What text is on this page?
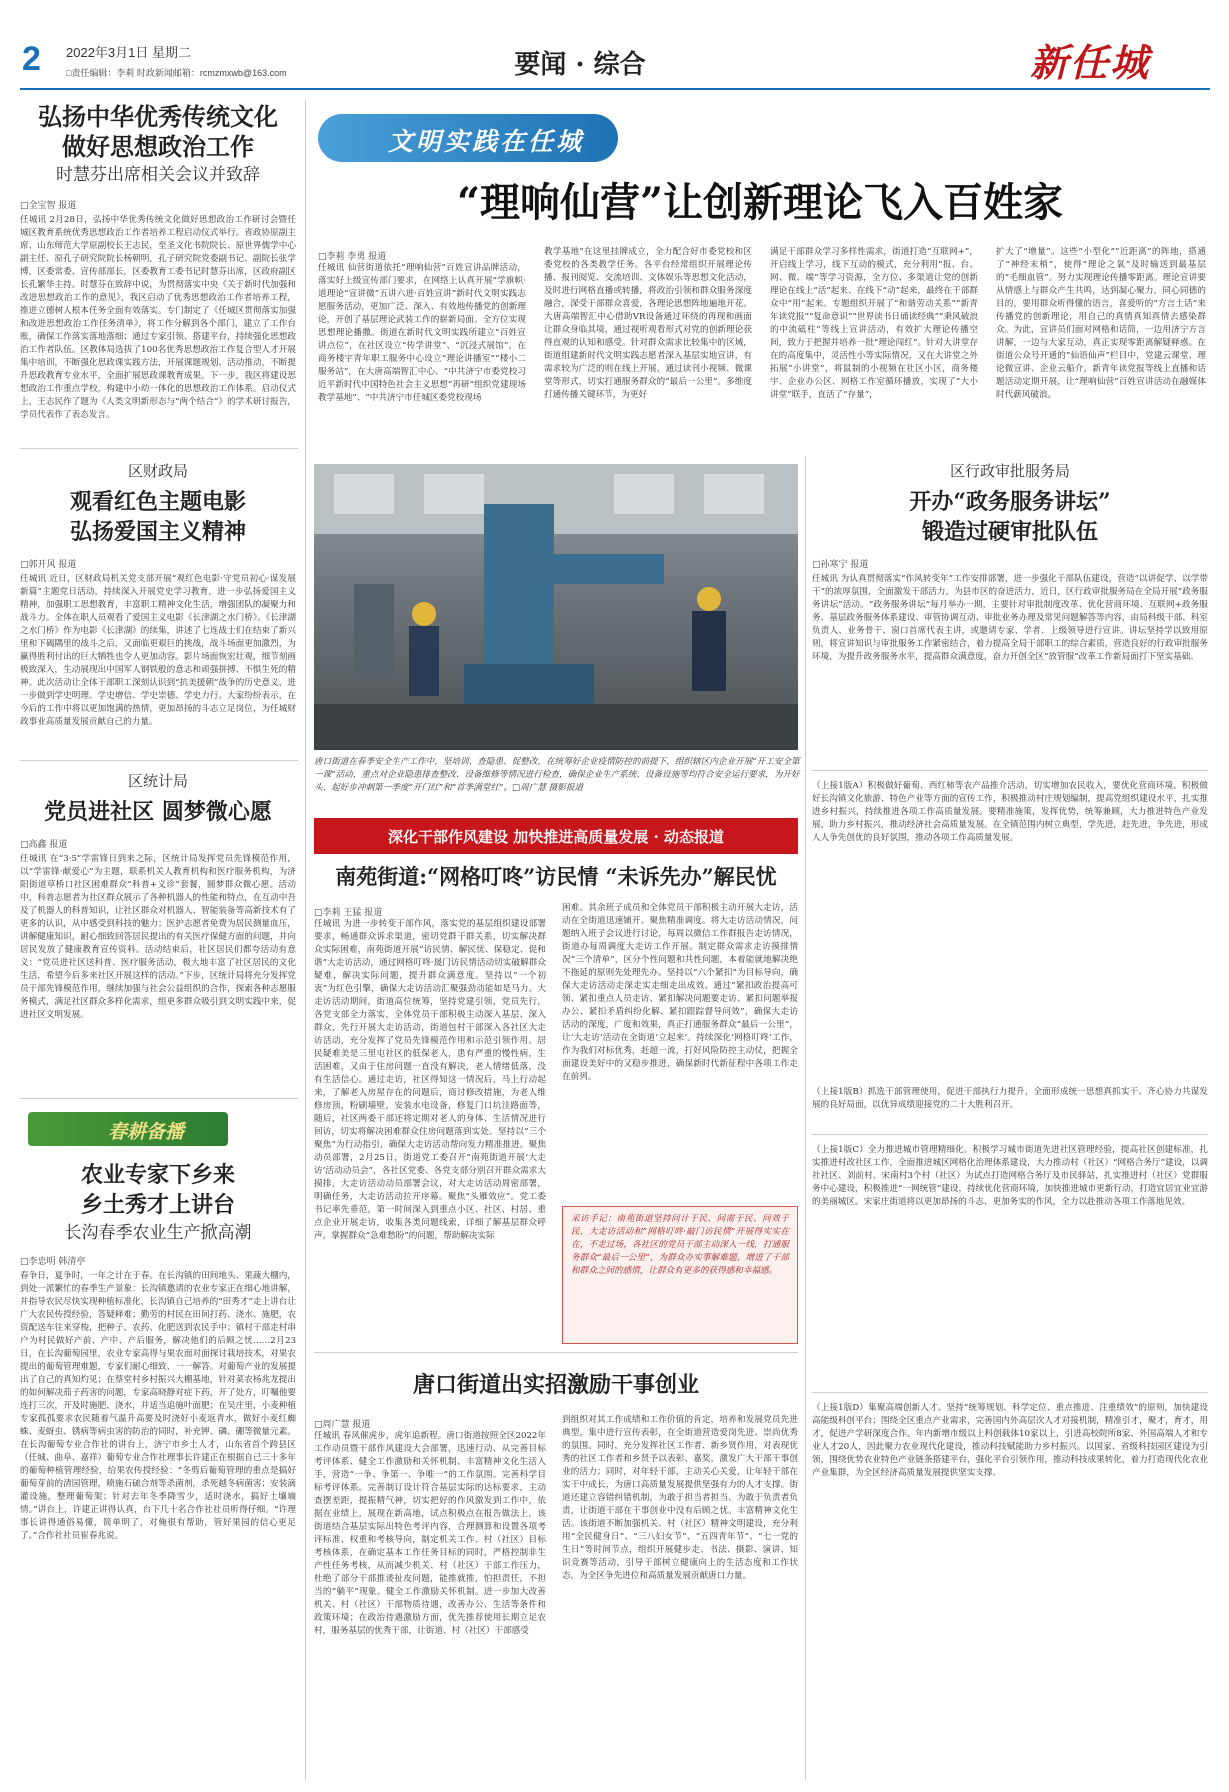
2 2022年3月1日 星期二
□责任编辑：李莉 时政新闻邮箱：rcmzmxwb@163.com	要闻 · 综合	新任城
弘扬中华优秀传统文化
做好思想政治工作
时慧芬出席相关会议并致辞
□全宝智 报道
任城讯 2月28日，弘扬中华优秀传统文化做好思想政治工作研讨会暨任城区教育系统优秀思想政治工作者培养工程启动仪式举行。省政协原副主席、山东师范大学原副校长王志民，至圣文化书院院长、原世界儒学中心副主任、原孔子研究院院长杨朝明，孔子研究院党委副书记、副院长张学博，区委常委、宣传部部长，区委教育工委书记时慧芬出席，区政府副区长孔繁华主持。时慧芬在致辞中说，为贯彻落实中央《关于新时代加强和改进思想政治工作的意见》，我区启动了优秀思想政治工作者培养工程，推进立德树人根本任务全面有效落实。专门制定了《任城区贯彻落实加强和改进思想政治工作任务清单》，将工作分解到各个部门，建立了工作台账，确保工作落实落地落细；通过专家引领、搭建平台，持续强化思想政治工作者队伍。区教体局选拔了100名优秀思想政治工作复合型人才开展集中培训，不断强化思政课实践方法，开展课题规划、活动推动，不断提升思政教育专业水平，全面扩展思政课教育成果。下一步，我区将建设思想政治工作重点学校，构建中小幼一体化的思想政治工作体系。启动仪式上，王志民作了题为《人类文明新形态与“两个结合”》的学术研讨报告，学员代表作了表态发言。
文明实践在任城
“理响仙营”让创新理论飞入百姓家
□李莉 李勇 报道
任城讯 仙营街道依托“理响仙营”百姓宣讲品牌活动，落实好上级宣传部门要求，在网络上认真开展“学旗帜·道理论”宣讲微”五讲六进·百姓宣讲”新时代文明实践志愿服务活动，更加广泛、深入、有效地传播党的创新理论，开创了基层理论武装工作的崭新局面。全方位实现思想理论播撒。街道在新时代文明实践所建立“百姓宣讲点位”，在社区设立“传学讲堂”、“沉浸式展馆”，在商务楼宇青年职工服务中心设立“理论讲播室”“楼小二服务站”，在大唐高端智汇中心、“中共济宁市委党校习近平新时代中国特色社会主义思想”再研”组织党建现场教学基地”、“中共济宁市任城区委党校现场
教学基地”在这里挂牌成立，全力配合好市委党校和区委党校的各类教学任务。各平台经常组织开展理论传播、报刊阅览、交流培训、文体娱乐等思想文化活动，及时进行网格直播或转播，将政治引领和群众服务深度融合，深受干部群众喜爱，各理论思想阵地遍地开花。大唐高端智汇中心借助VR设备通过环绕的再现和画面让群众身临其境，通过视听观看形式对党的创新理论获得直观的认知和感受。针对群众需求比较集中的区域，街道组建新时代文明实践志愿者深入基层实地宣讲，有需求较为广泛的则在线上开展，通过读刊小视频、微课堂等形式，切实打通服务群众的“最后一公里”。多维度打通传播关键环节，为更好
满足干部群众学习多样性需求，街道打造“互联网+”，开启线上学习，线下互动的模式，充分利用“报、台、网、微、端”等学习资源，全方位、多渠道让党的创新理论在线上“活”起来、在线下“动”起来，最终在干部群众中“用”起来。专题组织开展了“和谐劳动关系”“新青年读党报”“复命意识”“世界读书日诵读经典”“秉风破浪的中流砥柱”等线上宣讲活动，有效扩大理论传播空间，致力于把握并培养一批“理论闯红”。针对大讲堂存在的高度集中，灵活性小等实际情况，又在大讲堂之外拓展“小讲堂”，将鼠制的小视频在社区小区，商务楼宇、企业办公区、网格工作室循环播放，实现了“大小讲堂”联手，直活了“存量”，
扩大了“增量”。这些“小型化”“近距离”的阵地，搭通了“神经末梢”，使得“理论之氧”及时输送到最基层的“毛细血管”。努力实现理论传播零距离。理论宣讲要从情感上与群众产生共鸣，达到凝心聚力，同心同德的目的，要用群众听得懂的语言，喜爱听的“方言土话”来传播党的创新理论，用自己的真情真知真情去感染群众。为此，宣讲员们面对网格和话筒，一边用济宁方言讲解，一边与大家互动，真正实现零距离解疑释惑。在街道公众号开通的“仙语仙声”栏目中，党建云课堂、理论微宣讲、企业云船介，新青年读党报等线上直播和话题活动定期开展，让“理响仙营”百姓宣讲活动在融媒体时代薪风破浪。
唐口街道在春季安全生产工作中，坚培训、查隐患、促整改，在统筹好企业疫情防控的前提下，组织辖区内企业开展“开工安全第一课”活动，重点对企业隐患排查整改、设备维修等情况进行检查，确保企业生产系统、设备设施等均符合安全运行要求，为开好头、起好步冲刺第一季度“开门红”和“首季满堂红”。□周广慧 摄影报道
区财政局
观看红色主题电影
弘扬爱国主义精神
□郭开风 报道
任城讯 近日，区财政局机关党支部开展“观红色电影·守党员初心·谋发展新篇”主题党日活动，持续深入开展党史学习教育，进一步弘扬爱国主义精神，加强职工思想教育，丰富职工精神文化生活，增强团队的凝聚力和战斗力。全体在职人员观看了爱国主义电影《长津湖之水门桥》。《长津湖之水门桥》作为电影《长津湖》的续集，讲述了七连战士们在结束了新兴里和下碣隅里的战斗之后，又面临更艰巨的挑战，战斗场面更加激烈，为赢得胜利付出的巨大牺牲也令人更加动容。影片场面恢宏壮观，细节刻画极致深入，生动展现出中国军人钢铁般的意志和顽强拼搏、不惧生死的精神。此次活动让全体干部职工深刻认识到“抗美援朝”战争的历史意义，进一步做到学史明理、学史增信、学史崇德、学史力行。大家纷纷表示，在今后的工作中将以更加饱满的热情，更加昂扬的斗志立足岗位，为任城财政事业高质量发展贡献自己的力量。
区统计局
党员进社区 圆梦微心愿
□高鑫 报道
任城讯 在“3·5”学雷锋日到来之际，区统计局发挥党员先锋模范作用，以“学雷锋·献爱心”为主题，联系机关人教育机构和医疗服务机构，为济阳街道草桥口社区困难群众“科普+义诊”套餐，圆梦群众微心愿。活动中，科普志愿者为社区群众展示了各种机器人的性能和特点，在互动中吾及了机器人的科普知识，让社区群众对机器人、智能装备等高新技术有了更多的认识，从中感受到科技的魅力；医护志愿者免费为居民测量血压，讲解健康知识，耐心细致回答居民提出的有关医疗保健方面的问题，并向居民发放了健康教育宣传资料。活动结束后，社区居民们都夸活动有意义：“党员进社区送科普、医疗服务活动，极大地丰富了社区居民的文化生活，希望今后多来社区开展这样的活动。”下步，区统计局将充分发挥党员干部先锋模范作用，继续加强与社会公益组织的合作，探索各种志愿服务模式，满足社区群众多样化需求，组更多群众吸引到文明实践中来，促进社区文明发展。
春耕备播
农业专家下乡来
乡土秀才上讲台
长沟春季农业生产掀高潮
□李忠明 韩清亭
春争日，夏争时，一年之计在于春。在长沟镇的田间地头、果蔬大棚内，到处一派繁忙的春季生产景象：长沟镇邀请的农业专家正在细心地讲解，并指导农民尽快实现种植标准化，长沟镇自己培养的“田秀才”走上讲台让广大农民传授经验，答疑释难；勤劳的村民在田间打药、浇水、施肥，农资配送车往来穿梭，把种子、农药、化肥送到农民手中；镇村干部走村串户为村民做好产前、产中、产后服务，解决他们的后顾之忧……2月23日，在长沟葡萄园里，农业专家高得与果农面对面探讨栽培技术，对果农提出的葡萄管理难题，专家们耐心细致、一一解答。对葡萄产业的发展提出了自己的真知灼见；在蔡堂村乡村振兴大棚基地，针对菜农杨兆龙提出的如何解决茄子药害的问题，专家高晓静对症下药，开了处方，叮嘱他要连打三次，开及时施肥、浇水，并适当追施叶面肥；在吴庄里，小麦种植专家孤孤要求农民随着气温升高要及时浇好小麦返青水，做好小麦红蜘蛛、麦蚜虫、锈病等病虫害的防治的同时，补充钾、磷、硼等微量元素。在长沟葡萄专业合作社的讲台上，济宁市乡土人才，山东省首个跨县区（任城、曲阜、嘉祥）葡萄专业合作社理事长许建正在根据自己三十多年的葡萄种植管理经验，给果农传授经验：“冬剪后葡萄管理的重点是搞好葡萄芽前的清园管理，喷施石硫合剂等杀菌剂，杀死越冬病菌害；安装滴灌设施，整理葡萄架；针对去年冬季降雪少，适时浇水，搞好土壤墒情。”讲台上，许建正讲得认真，台下几十名合作社社员听得仔细。“许理事长讲得通俗易懂，简单明了，对俺很有帮助，管好果园的信心更足了。”合作社社员崔春兆说。
区行政审批服务局
开办“政务服务讲坛”
锻造过硬审批队伍
□孙寒宁 报道
任城讯 为认真贯彻落实“作风转变年”工作安排部署，进一步强化干部队伍建设，营造“以讲促学、以学带干”的浓厚氛围，全面激发干部活力，为县市区的奋进活力，近日，区行政审批服务局在全局开展“政务服务讲坛”活动。“政务服务讲坛”每月举办一期，主要针对审批制度改革、优化营商环境、互联网+政务服务、基层政务服务体系建设、审管协调互动、审批业务办理及常见问题解答等内容，由局科级干部、科室负责人、业务骨干、窗口首席代表主讲，或邀请专家、学者、上级领导进行宣讲。讲坛坚持学以致用原则，将宣讲知识与审批服务工作紧密结合，着力提高全局干部职工的综合素质，营造良好的行政审批服务环境，为提升政务服务水平，提高群众满意度，奋力开创全区“放管服”改革工作新局面打下坚实基础。
（上接1版A）积极做好葡萄、西红柿等农产品推介活动，切实增加农民收入，要优化营商环境。积极做好长沟镇文化旅游、特色产业等方面的宣传工作，积极推动村庄规划编制，提高党组织建设水平，扎实推进乡村振兴，持续推进各项工作高质量发展。要精准施策，发挥优势，统筹兼顾，大力推进特色产业发展，助力乡村振兴，推动经济社会高质量发展。在全镇范围内树立典型，学先进，赶先进，争先进，形成人人争先创优的良好氛围，推动各项工作高质量发展。
（上接1版B）抓选干部管理使用，促进干部执行力提升，全面形成统一思想真抓实干、齐心协力共谋发展的良好局面，以优异成绩迎接党的二十大胜利召开。
（上接1版C）全力推进城市管理精细化。积极学习城市街道先进社区管理经验，提高社区创建标准，扎实推进村改社区工作，全面推进城区网格化治理体系建设，大力推动村（社区）“网格合务厅”建设，以调社社区、刘前村、宋南村3个村（社区）为试点打造网格合务厅及市民驿站，扎实推进村（社区）党群服务中心建设，积极推进“一网统管”建设，持续优化营商环境，加快推进城市更新行动，打造宜居宜业宜游的美丽城区。宋家庄街道将以更加昂扬的斗志、更加务实的作风，全力以赴推动各项工作落地见效。
（上接1版D）集聚高端创新人才。坚持“统筹规划、科学定位、重点推进、注重绩效”的原则，加快建设高能级科创平台；围绕全区重点产业需求，完善国内外高层次人才对接机制，精准引才，聚才，育才，用才，促进产学研深度合作。年内新增市级以上科创载体10家以上，引进高校院所8家、外国高端人才和专业人才20人，因此聚力农业现代化建设，推动科技赋能助力乡村振兴。以国家、省级科技园区建设为引领，围绕优势农业特色产业链条搭建平台，强化平台引领作用，推动科技成果转化，着力打造现代化农业产业集群，为全区经济高质量发展提供坚实支撑。
深化干部作风建设 加快推进高质量发展 · 动态报道
南苑街道:“网格叮咚”访民情 “未诉先办”解民忧
□李莉 王猛 报道
任城讯 为进一步转变干部作风，落实党的基层组织建设部署要求，畅通群众诉求渠道，密切党群干群关系，切实解决群众实际困难，南苑街道开展“访民情、解民忧、保稳定、促和谐”大走访活动，通过网格叮咚·晟门访民情活动切实破解群众疑难，解决实际问题，提升群众满意度。坚持以“一个初衷”为红色引擎，确保大走访活动汇聚强劲动能如是马力。大走访活动期间，街道高位统筹，坚持党建引领，党员先行，各党支部全力落实，全体党员干部积极主动深入基层、深入群众，先行开展大走访活动，街道包村干部深入各社区大走访活动，充分发挥了党员先锋模范作用和示范引领作用。居民疑难美是三里屯社区的低保老人，患有严重的慢性病，生活困难，又由于住房问题一直没有解决，老人情绪低落，没有生活信心。通过走访，社区得知这一情况后，马上行动起来，了解老人房屋存在的问题后，商讨修改措施，为老人维修房顶，粉刷墙壁，安装水电设备，修复门口坑洼路面等，随后，社区两委干部还将定期对老人的身体、生活情况进行回访，切实将解决困难群众住房问题落到实处。坚持以“三个聚焦”为行动指引，确保大走访活动帮向发力精准推进。聚焦动员部署，2月25日，街道党工委召开“南苑街道开展‘大走访’活动动员会”，各社区党委、各党支部分别召开群众需求大摸排，大走访活动动员部署会议，对大走访活动周密部署，明确任务，大走访活动拉开序幕。聚焦“头雁效应”。党工委书记率先垂范，第一时间深入到重点小区、社区、村居、重点企业开展走访，收集各类问题线索，详细了解基层群众呼声，掌握群众“急难愁盼”的问题，帮助解决实际
困难。其余班子成员和全体党员干部积极主动开展大走访，活动在全街道迅速铺开。聚焦精准调度。将大走访活动情况，问题纳入班子会议进行讨论，每周以微信工作群报告走访情况，街道办每周调度大走访工作开展。制定群众需求走访摸排情况“三个清单”，区分个性问题和共性问题，本着能就地解决绝不拖延的原则先处理先办。坚持以“六个紧扣”为目标导向，确保大走访活动走深走实走细走出成效。通过“紧扣政治提高可领、紧扣重点人员走访、紧扣解决问题要走访、紧扣问题举报办公、紧扣矛盾纠纷化解、紧扣跟踪督导问效”，确保大走访活动的深度，广度和效果，真正打通服务群众“最后一公里”，让‘大走访’活动在全街道‘立起来’。持续深化‘网格叮咚’工作，作为我们对标优秀，赶超一流，打好风险防控主动仗，把握全面建设美好中的又稳步推进，确保新时代新征程中各项工作走在前列。
采访手记：南苑街道坚持问计于民、问需于民、问效于民，大走访活动和“网格叮咚·敲门访民情”开展得实实在在，不走过场，各社区的党员干部主动深入一线，打通服务群众“最后一公里”，为群众办实事解难题，增进了干部和群众之间的感情，让群众有更多的获得感和幸福感。
唐口街道出实招激励干事创业
□周广慧 报道
任城讯 春风催虎步，虎年追新程。唐口街道按照全区2022年工作动员暨干部作风建设大会部署，迅速行动、从完善目标考评体系、健全工作激励和关怀机制、丰富精神文化生活入手，营造“一争、争第一、争唯一”的工作氛围。完善科学目标考评体系。完善制订设计符合基层实际的达标要求，主动查摆差距，提振精气神，切实把好的作风激发到工作中，依据在业绩上，展现在新高地，试点积极点在报告做法上，该街道结合基层实际出特色考评内容，合理测算和设置各项考评标准、权重和考核导向，制定机关工作、村（社区）目标考核体系，在确定基本工作任务目标的同时，严格控制非生产性任务考核，从而减少机关、村（社区）干部工作压力，杜绝了部分干部推诿扯皮问题，能推就推，怕担责任，不担当的“躺平”现象。健全工作激励关怀机制。进一步加大改善机关、村（社区）干部物质待遇，改善办公、生活等条件和政策环境；在政治待遇激励方面，优先推荐使用长期立足农村，服务基层的优秀干部，让街道、村（社区）干部感受
到组织对其工作成绩和工作价值的肯定，培养和发展党员先进典型，集中进行宣传表彰，在全街道营造爱岗先进、崇尚优秀的氛围。同时，充分发挥社区工作者、新乡贤作用，对表现优秀的社区工作者和乡贤予以表彰、嘉奖，激发广大干部干事创业的活力；同时，对年轻干部，主动关心关爱，让年轻干部在实干中成长，为唐口高质量发展提供坚强有力的人才支撑。街道还建立容错纠错机制，为敢于担当者担当、为敢于负责者负责，让街道干部在干事创业中没有后顾之忧。丰富精神文化生活。该街道不断加强机关、村（社区）精神文明建设，充分利用“全民健身日”、“三八妇女节”、“五四青年节”、“七一党的生日”等时间节点，组织开展健步走、书法、摄影、演讲、知识竞赛等活动，引导干部树立健康向上的生活态度和工作状态，为全区争先进位和高质量发展贡献唐口力量。
